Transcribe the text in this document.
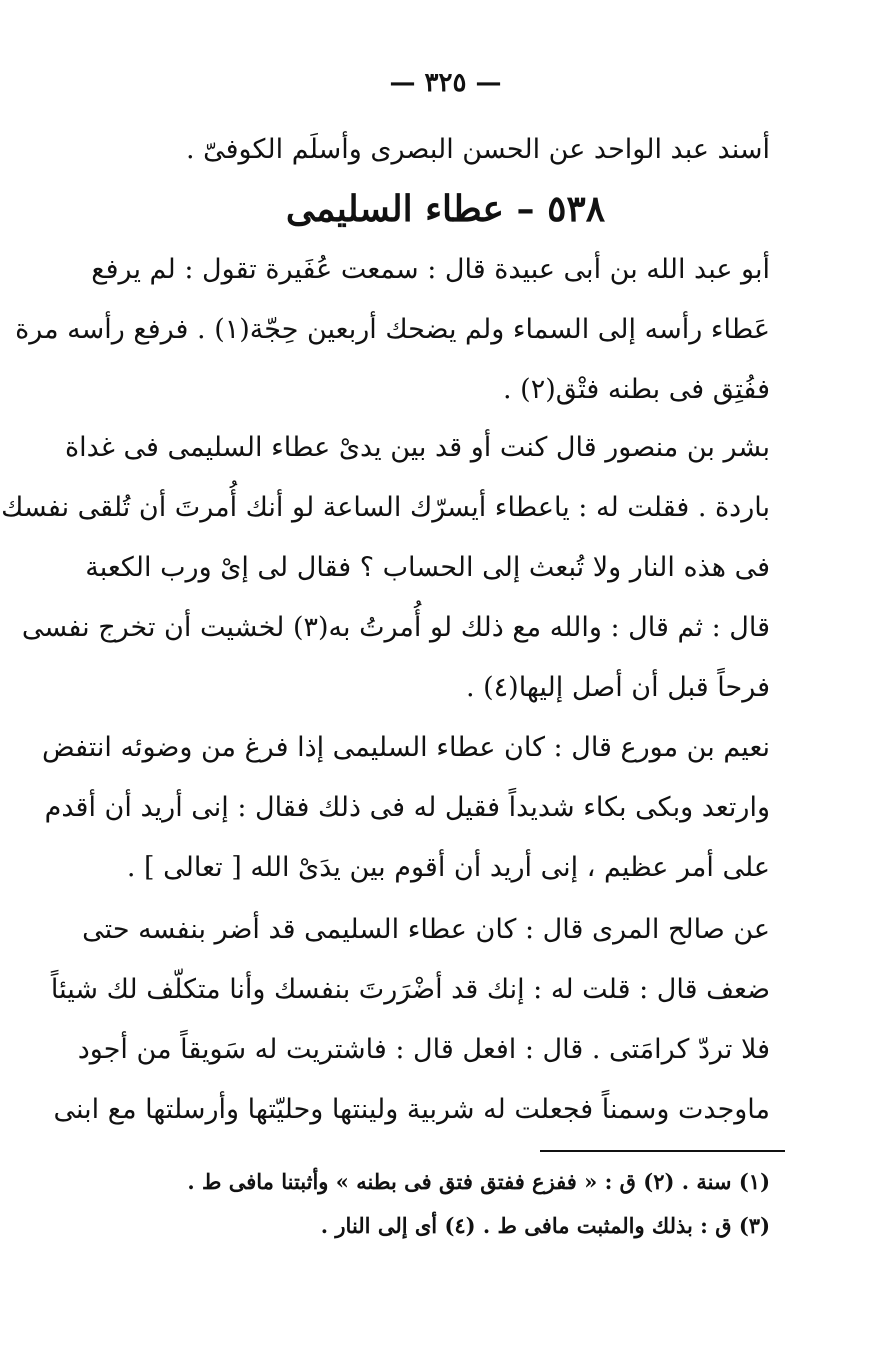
— ٣٢٥ —
أسند عبد الواحد عن الحسن البصرى وأسلَم الكوفىّ .
٥٣٨ – عطاء السليمى
أبو عبد الله بن أبى عبيدة قال : سمعت عُفَيرة تقول : لم يرفع
عَطاء رأسه إلى السماء ولم يضحك أربعين حِجّة(١) . فرفع رأسه مرة
ففُتِق فى بطنه فتْق(٢) .
بشر بن منصور قال كنت أو قد بين يدىْ عطاء السليمى فى غداة
باردة . فقلت له : ياعطاء أيسرّك الساعة لو أنك أُمرتَ أن تُلقى نفسك
فى هذه النار ولا تُبعث إلى الحساب ؟ فقال لى إىْ ورب الكعبة
قال : ثم قال : والله مع ذلك لو أُمرتُ به(٣) لخشيت أن تخرج نفسى
فرحاً قبل أن أصل إليها(٤) .
نعيم بن مورع قال : كان عطاء السليمى إذا فرغ من وضوئه انتفض
وارتعد وبكى بكاء شديداً فقيل له فى ذلك فقال : إنى أريد أن أقدم
على أمر عظيم ، إنى أريد أن أقوم بين يدَىْ الله [ تعالى ] .
عن صالح المرى قال : كان عطاء السليمى قد أضر بنفسه حتى
ضعف قال : قلت له : إنك قد أضْرَرتَ بنفسك وأنا متكلّف لك شيئاً
فلا تردّ كرامَتى . قال : افعل قال : فاشتريت له سَويقاً من أجود
ماوجدت وسمناً فجعلت له شربية ولينتها وحليّتها وأرسلتها مع ابنى
(١) سنة . (٢) ق : « ففزع ففتق فتق فى بطنه » وأثبتنا مافى ط .
(٣) ق : بذلك والمثبت مافى ط . (٤) أى إلى النار .
